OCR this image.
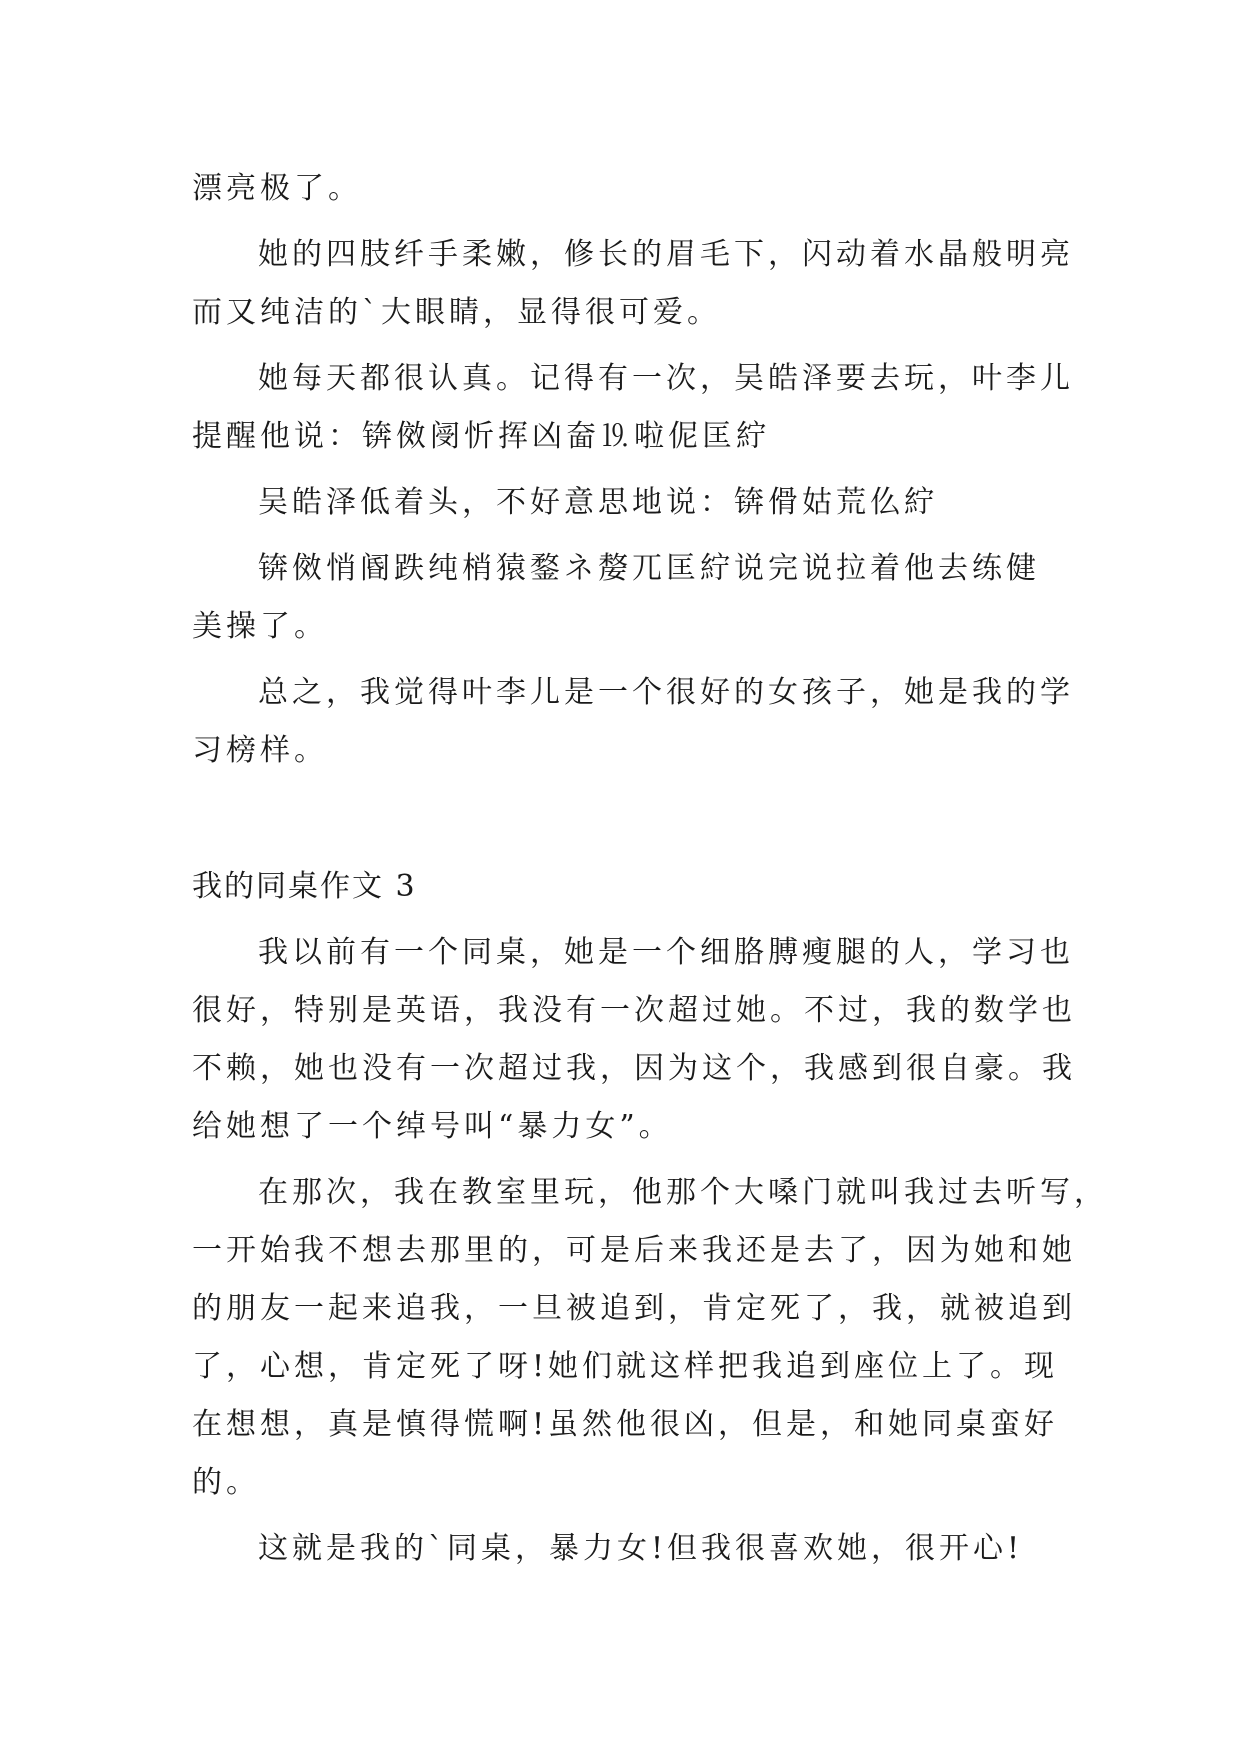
漂亮极了。

她的四肢纤手柔嫩，修长的眉毛下，闪动着水晶般明亮
而又纯洁的`大眼睛，显得很可爱。

她每天都很认真。记得有一次，吴皓泽要去玩，叶李儿
提醒他说：锛傚阌忻挥凶奤⒚啦伲匡紵

吴皓泽低着头，不好意思地说：锛傦姑荒仫紵

锛傚悄阍跌纯梢猿鍪ネ嫠兀匡紵说完说拉着他去练健
美操了。

总之，我觉得叶李儿是一个很好的女孩子，她是我的学
习榜样。

我的同桌作文 3

我以前有一个同桌，她是一个细胳膊瘦腿的人，学习也
很好，特别是英语，我没有一次超过她。不过，我的数学也
不赖，她也没有一次超过我，因为这个，我感到很自豪。我
给她想了一个绰号叫“暴力女”。

在那次，我在教室里玩，他那个大嗓门就叫我过去听写，
一开始我不想去那里的，可是后来我还是去了，因为她和她
的朋友一起来追我，一旦被追到，肯定死了，我，就被追到
了，心想，肯定死了呀!她们就这样把我追到座位上了。现
在想想，真是慎得慌啊!虽然他很凶，但是，和她同桌蛮好
的。

这就是我的`同桌，暴力女!但我很喜欢她，很开心!
